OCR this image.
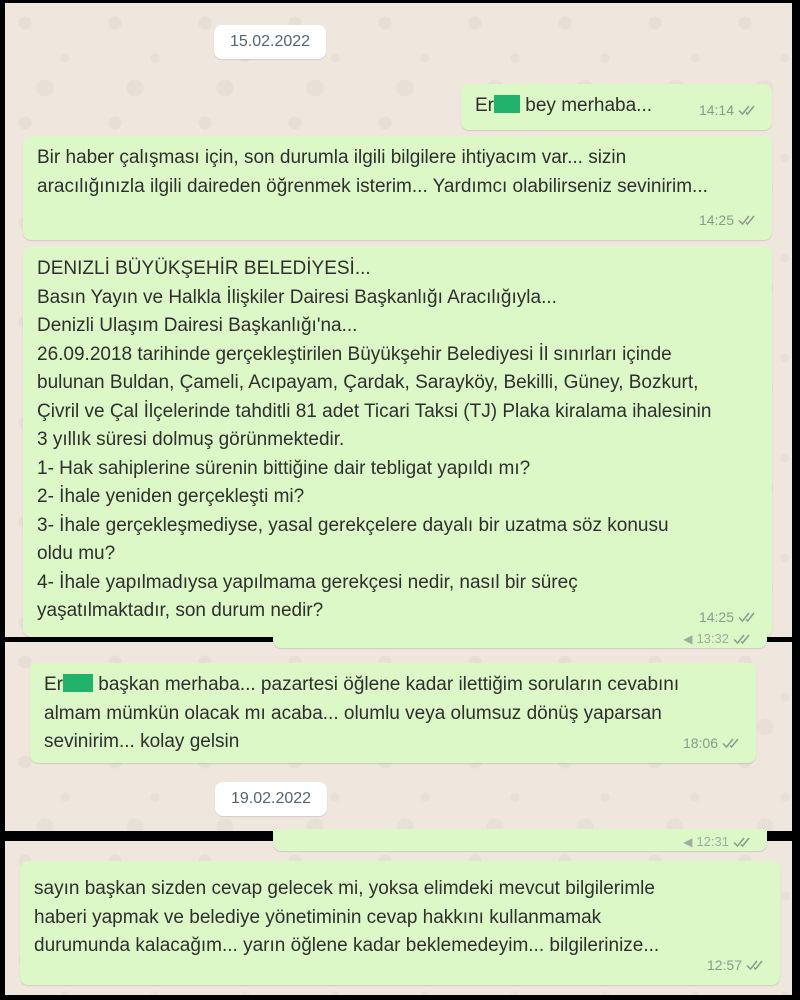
15.02.2022
Er bey merhaba...	14:14
Bir haber çalışması için, son durumla ilgili bilgilere ihtiyacım var... sizin
aracılığınızla ilgili daireden öğrenmek isterim... Yardımcı olabilirseniz sevinirim...
14:25
DENIZLİ BÜYÜKŞEHİR BELEDİYESİ...
Basın Yayın ve Halkla İlişkiler Dairesi Başkanlığı Aracılığıyla...
Denizli Ulaşım Dairesi Başkanlığı'na...
26.09.2018 tarihinde gerçekleştirilen Büyükşehir Belediyesi İl sınırları içinde
bulunan Buldan, Çameli, Acıpayam, Çardak, Sarayköy, Bekilli, Güney, Bozkurt,
Çivril ve Çal İlçelerinde tahditli 81 adet Ticari Taksi (TJ) Plaka kiralama ihalesinin
3 yıllık süresi dolmuş görünmektedir.
1- Hak sahiplerine sürenin bittiğine dair tebligat yapıldı mı?
2- İhale yeniden gerçekleşti mi?
3- İhale gerçekleşmediyse, yasal gerekçelere dayalı bir uzatma söz konusu
oldu mu?
4- İhale yapılmadıysa yapılmama gerekçesi nedir, nasıl bir süreç
yaşatılmaktadır, son durum nedir?	14:25
◀ 13:32
Er başkan merhaba... pazartesi öğlene kadar ilettiğim soruların cevabını
almam mümkün olacak mı acaba... olumlu veya olumsuz dönüş yaparsan
sevinirim... kolay gelsin	18:06
19.02.2022
◀ 12:31
sayın başkan sizden cevap gelecek mi, yoksa elimdeki mevcut bilgilerimle
haberi yapmak ve belediye yönetiminin cevap hakkını kullanmamak
durumunda kalacağım... yarın öğlene kadar beklemedeyim... bilgilerinize...
12:57
